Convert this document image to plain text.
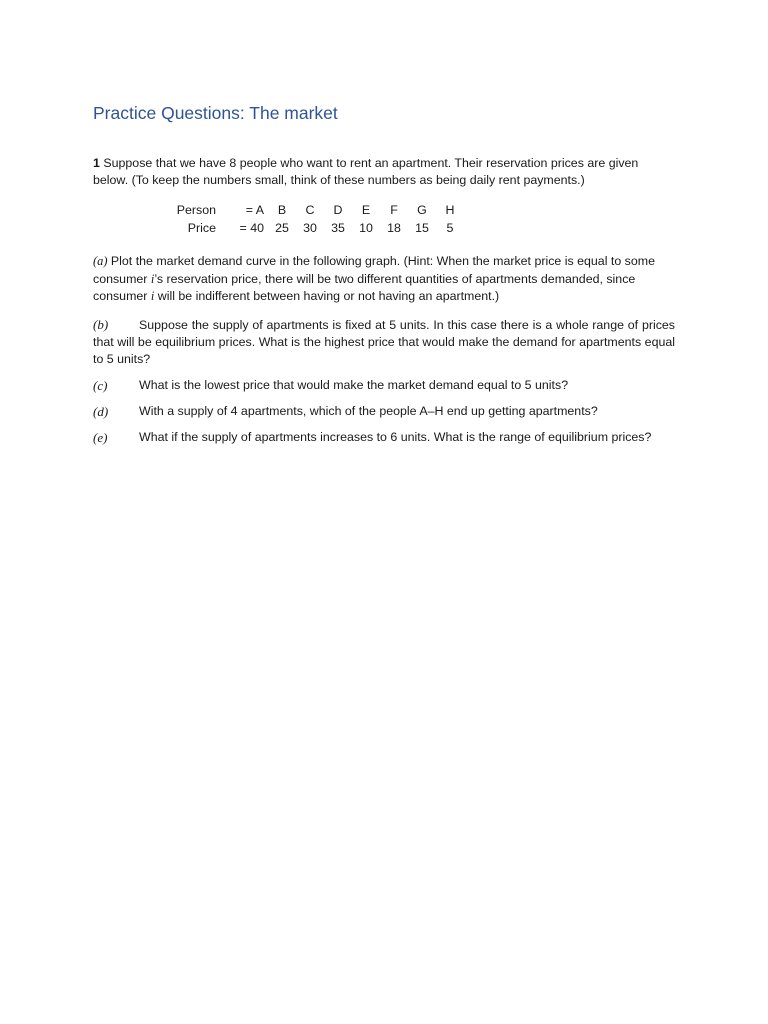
Practice Questions: The market
1 Suppose that we have 8 people who want to rent an apartment. Their reservation prices are given below. (To keep the numbers small, think of these numbers as being daily rent payments.)
Person	= A	B	C	D	E	F	G	H
Price	= 40	25	30	35	10	18	15	5
(a) Plot the market demand curve in the following graph. (Hint: When the market price is equal to some consumer i’s reservation price, there will be two different quantities of apartments demanded, since consumer i will be indifferent between having or not having an apartment.)
(b) Suppose the supply of apartments is fixed at 5 units. In this case there is a whole range of prices that will be equilibrium prices. What is the highest price that would make the demand for apartments equal to 5 units?
(c)	What is the lowest price that would make the market demand equal to 5 units?
(d)	With a supply of 4 apartments, which of the people A–H end up getting apartments?
(e)	What if the supply of apartments increases to 6 units. What is the range of equilibrium prices?
